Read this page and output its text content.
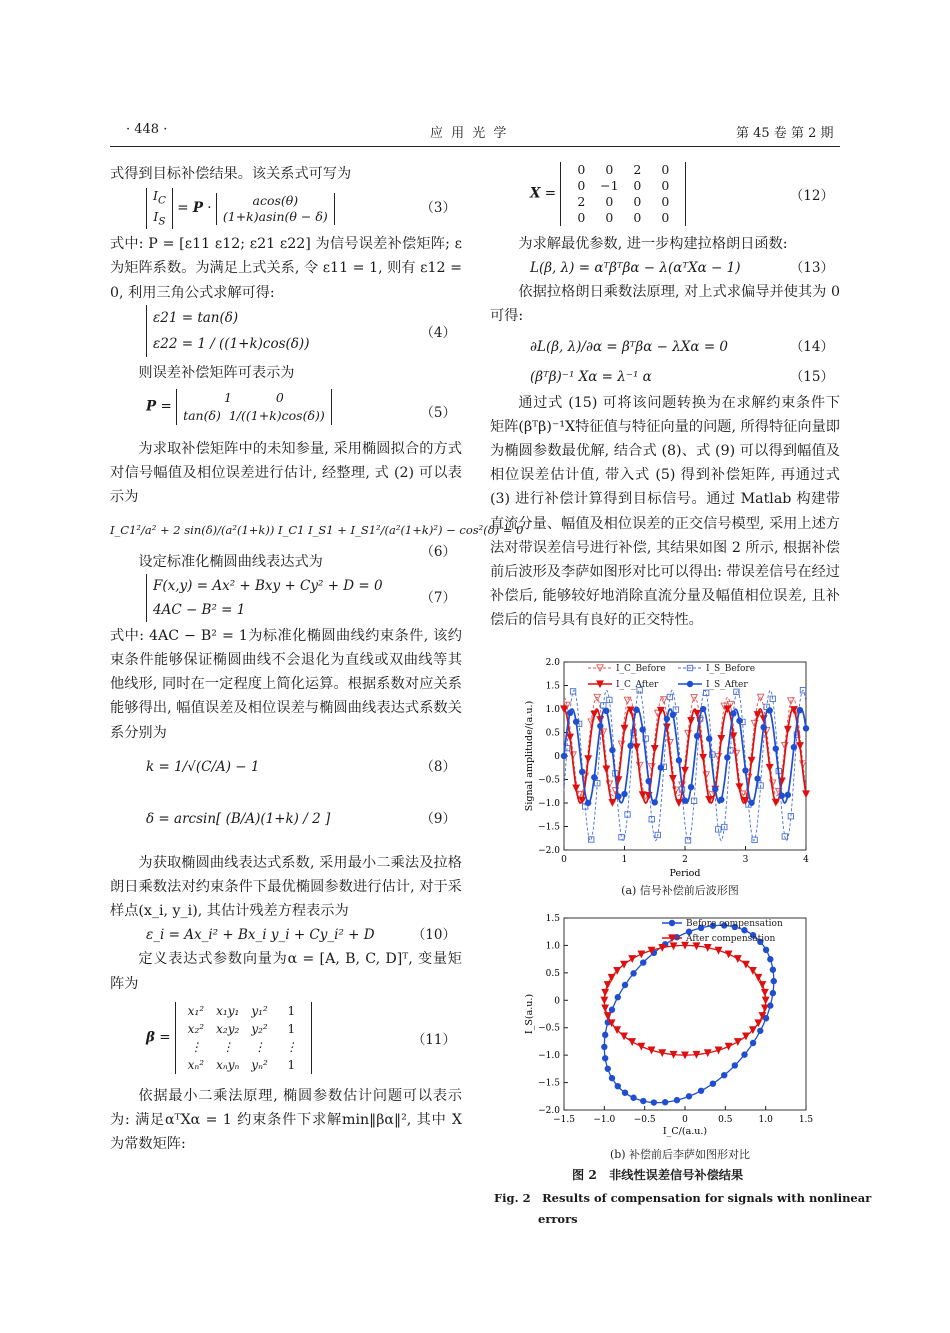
· 448 ·	应 用 光 学	第 45 卷 第 2 期

式得到目标补偿结果。该关系式可写为

$I_C$
$I_S = P$ ·	acos(θ)
(1+k)asin(θ − δ)	（3）

式中: P = [ε11 ε12; ε21 ε22] 为信号误差补偿矩阵; ε 为矩阵系数。为满足上式关系, 令 ε11 = 1, 则有 ε12 = 0, 利用三角公式求解可得:

ε21 = tan(δ)
ε22 = 1 / ((1+k)cos(δ))
（4）

则误差补偿矩阵可表示为

P = 1	0
tan(δ) 1/((1+k)cos(δ))	（5）

为求取补偿矩阵中的未知参量, 采用椭圆拟合的方式对信号幅值及相位误差进行估计, 经整理, 式 (2) 可以表示为

I_C1²/a² + 2 sin(δ)/(a²(1+k)) I_C1 I_S1 + I_S1²/(a²(1+k)²) − cos²(δ) = 0
（6）

设定标准化椭圆曲线表达式为

F(x,y) = Ax² + Bxy + Cy² + D = 0
4AC − B² = 1
（7）

式中: 4AC − B² = 1为标准化椭圆曲线约束条件, 该约束条件能够保证椭圆曲线不会退化为直线或双曲线等其他线形, 同时在一定程度上简化运算。根据系数对应关系能够得出, 幅值误差及相位误差与椭圆曲线表达式系数关系分别为

k = 1/√(C/A) − 1	（8）
δ = arcsin[ (B/A)(1+k) / 2 ]	（9）

为获取椭圆曲线表达式系数, 采用最小二乘法及拉格朗日乘数法对约束条件下最优椭圆参数进行估计, 对于采样点(x_i, y_i), 其估计残差方程表示为

ε_i = Ax_i² + Bx_i y_i + Cy_i² + D	（10）

定义表达式参数向量为α = [A, B, C, D]ᵀ, 变量矩阵为

β = x₁² x₁y₁ y₁² 1
x₂² x₂y₂ y₂² 1
⋮ ⋮ ⋮ ⋮
xₙ² xₙyₙ yₙ² 1
（11）

依据最小二乘法原理, 椭圆参数估计问题可以表示为: 满足αᵀXα = 1 约束条件下求解min‖βα‖², 其中 X 为常数矩阵:

X = 0 0 2 0
0 −1 0 0
2 0 0 0
0 0 0 0
（12）

为求解最优参数, 进一步构建拉格朗日函数:

L(β, λ) = αᵀβᵀβα − λ(αᵀXα − 1)	（13）

依据拉格朗日乘数法原理, 对上式求偏导并使其为 0 可得:

∂L(β, λ)/∂α = βᵀβα − λXα = 0	（14）
(βᵀβ)⁻¹ Xα = λ⁻¹ α	（15）

通过式 (15) 可将该问题转换为在求解约束条件下矩阵(βᵀβ)⁻¹X特征值与特征向量的问题, 所得特征向量即为椭圆参数最优解, 结合式 (8)、式 (9) 可以得到幅值及相位误差估计值, 带入式 (5) 得到补偿矩阵, 再通过式 (3) 进行补偿计算得到目标信号。通过 Matlab 构建带直流分量、幅值及相位误差的正交信号模型, 采用上述方法对带误差信号进行补偿, 其结果如图 2 所示, 根据补偿前后波形及李萨如图形对比可以得出: 带误差信号在经过补偿后, 能够较好地消除直流分量及幅值相位误差, 且补偿后的信号具有良好的正交特性。

0	1	2	3	4
2.0
1.5
1.0
0.5
0
−0.5
−1.0
−1.5
−2.0
Period
Signal amplitude/(a.u.)
I_C_Before	I_S_Before
I_C_After	I_S_After
(a) 信号补偿前后波形图
−1.5 −1.0 −0.5	0	0.5	1.0	1.5
1.5
1.0
0.5
0
−0.5
−1.0
−1.5
−2.0
I_C/(a.u.)
I_S(a.u.)
Before compensation
After compensation
(b) 补偿前后李萨如图形对比
图 2　非线性误差信号补偿结果
Fig. 2　Results of compensation for signals with nonlinear
errors
